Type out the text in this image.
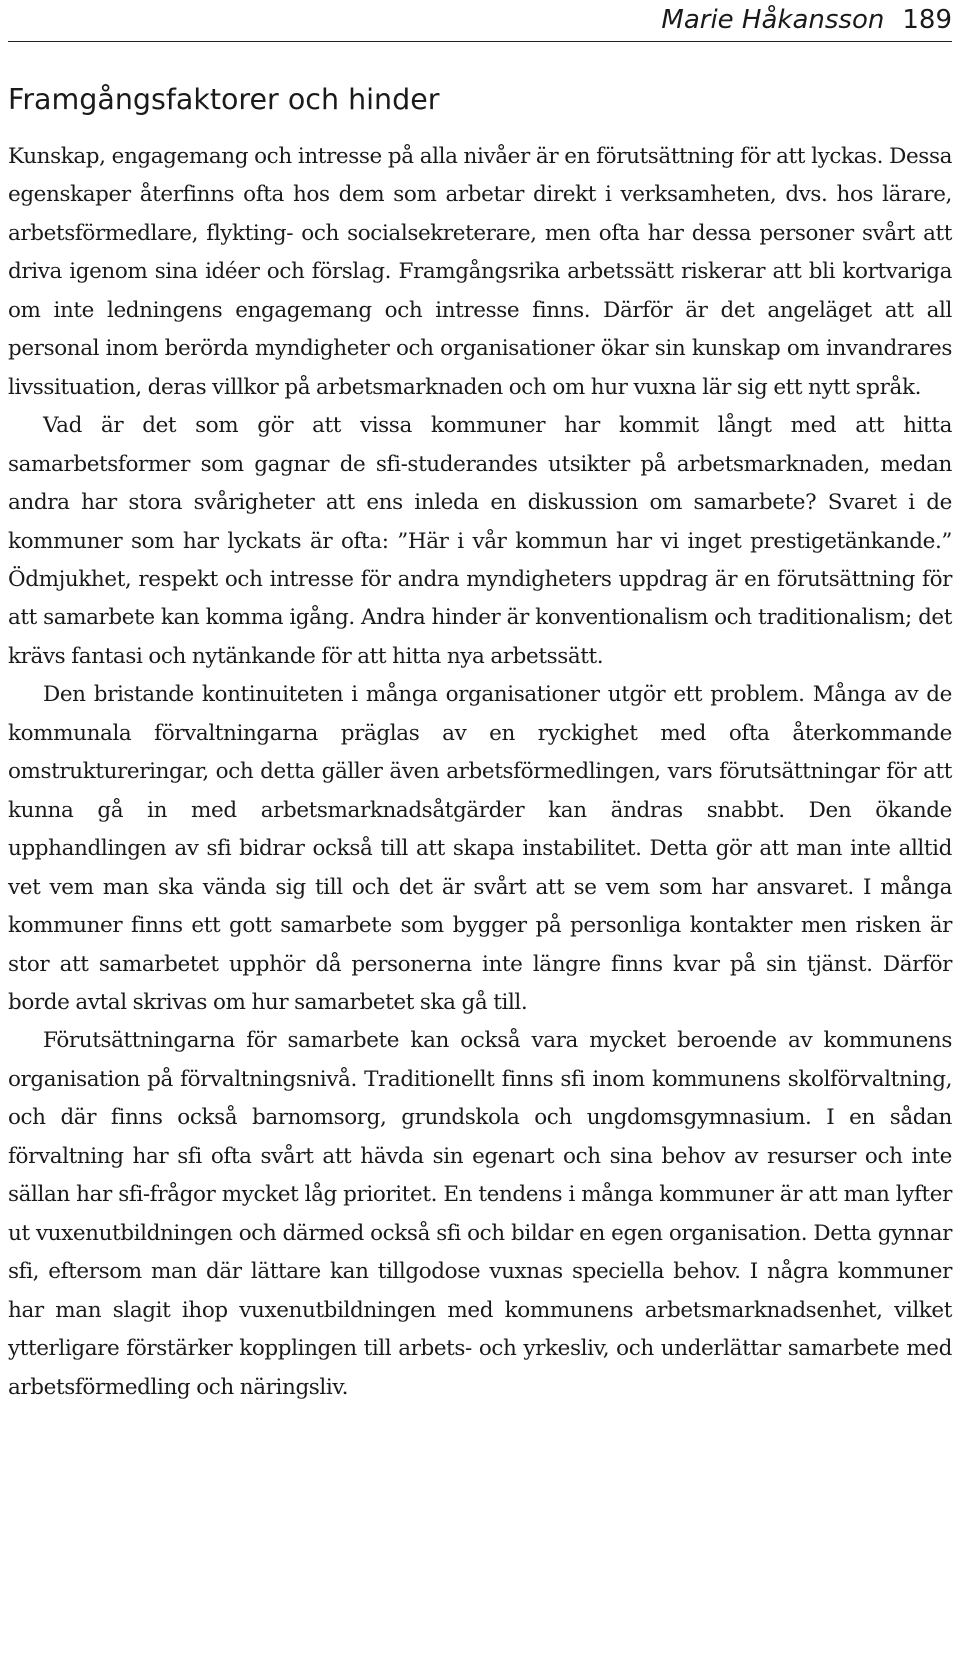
Marie Håkansson 189
Framgångsfaktorer och hinder

Kunskap, engagemang och intresse på alla nivåer är en förutsättning för att lyckas. Dessa egenskaper återfinns ofta hos dem som arbetar direkt i verksamheten, dvs. hos lärare, arbetsförmedlare, flykting- och socialsekreterare, men ofta har dessa personer svårt att driva igenom sina idéer och förslag. Framgångsrika arbetssätt riskerar att bli kortvariga om inte ledningens engagemang och intresse finns. Därför är det angeläget att all personal inom berörda myndigheter och organisationer ökar sin kunskap om invandrares livssituation, deras villkor på arbetsmarknaden och om hur vuxna lär sig ett nytt språk.

Vad är det som gör att vissa kommuner har kommit långt med att hitta samarbetsformer som gagnar de sfi-studerandes utsikter på arbetsmarknaden, medan andra har stora svårigheter att ens inleda en diskussion om samarbete? Svaret i de kommuner som har lyckats är ofta: ”Här i vår kommun har vi inget prestigetänkande.” Ödmjukhet, respekt och intresse för andra myndigheters uppdrag är en förutsättning för att samarbete kan komma igång. Andra hinder är konventionalism och traditionalism; det krävs fantasi och nytänkande för att hitta nya arbetssätt.

Den bristande kontinuiteten i många organisationer utgör ett problem. Många av de kommunala förvaltningarna präglas av en ryckighet med ofta återkommande omstruktureringar, och detta gäller även arbetsförmedlingen, vars förutsättningar för att kunna gå in med arbetsmarknadsåtgärder kan ändras snabbt. Den ökande upphandlingen av sfi bidrar också till att skapa instabilitet. Detta gör att man inte alltid vet vem man ska vända sig till och det är svårt att se vem som har ansvaret. I många kommuner finns ett gott samarbete som bygger på personliga kontakter men risken är stor att samarbetet upphör då personerna inte längre finns kvar på sin tjänst. Därför borde avtal skrivas om hur samarbetet ska gå till.

Förutsättningarna för samarbete kan också vara mycket beroende av kommunens organisation på förvaltningsnivå. Traditionellt finns sfi inom kommunens skolförvaltning, och där finns också barnomsorg, grundskola och ungdomsgymnasium. I en sådan förvaltning har sfi ofta svårt att hävda sin egenart och sina behov av resurser och inte sällan har sfi-frågor mycket låg prioritet. En tendens i många kommuner är att man lyfter ut vuxenutbildningen och därmed också sfi och bildar en egen organisation. Detta gynnar sfi, eftersom man där lättare kan tillgodose vuxnas speciella behov. I några kommuner har man slagit ihop vuxenutbildningen med kommunens arbetsmarknadsenhet, vilket ytterligare förstärker kopplingen till arbets- och yrkesliv, och underlättar samarbete med arbetsförmedling och näringsliv.
